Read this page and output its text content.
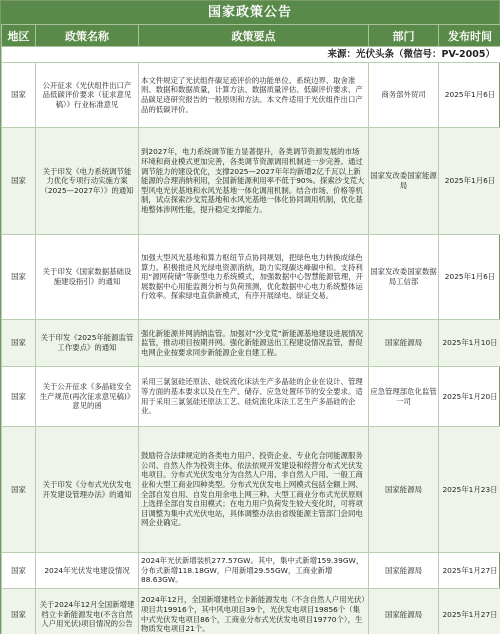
国家政策公告
地区	政策名称	政策要点	部门	发布时间
来源：光伏头条（微信号：PV-2005）				
国家	公开征求《光伏组件出口产品低碳评价要求（征求意见稿）》行业标准意见	本文件规定了光伏组件碳足迹评价的功能单位、系统边界、取舍准则、数据和数据质量，计算方法、数据质量评估、低碳评价要求、产品碳足迹研究报告的一般原则和方法。本文件适用于光伏组件出口产品的低碳评价。	商务部外贸司	2025年1月6日
国家	关于印发《电力系统调节能力优化专项行动实施方案（2025—2027年）》的通知	到2027年，电力系统调节能力显著提升，各类调节资源发展的市场环境和商业模式更加完善，各类调节资源调用机制进一步完善。通过调节能力的建设优化，支撑2025—2027年年均新增2亿千瓦以上新能源的合理消纳利用，全国新能源利用率不低于90%。探索沙戈荒大型风电光伏基地和水风光基地一体化调用机制。结合市场、价格等机制，试点探索沙戈荒基地和水风光基地一体化协同调用机制，优化基地整体涉网性能，提升稳定支撑能力。	国家发改委国家能源局	2025年1月6日
国家	关于印发《国家数据基础设施建设指引》的通知	加强大型风光基地和算力枢纽节点协同规划，把绿色电力转换成绿色算力。积极推进风光绿电资源消纳，助力实现碳达峰碳中和。支持利用“源网荷储”等新型电力系统模式，加强数据中心智慧能源管理，开展数据中心用能监测分析与负荷预测，优化数据中心电力系统整体运行效率。探索绿电直供新模式，有序开展绿电、绿证交易。	国家发改委国家数据局工信部	2025年1月6日
国家	关于印发《2025年能源监管工作要点》的通知	强化新能源并网消纳监管。加强对“沙戈荒”新能源基地建设进展情况监管，推动项目按期并网。强化新能源送出工程建设情况监管，督促电网企业按要求同步新能源企业自建工程。	国家能源局	2025年1月10日
国家	关于公开征求《多晶硅安全生产规范(再次征求意见稿)》意见的函	采用三氯氢硅还原法、硅烷流化床法生产多晶硅的企业在设计、管理等方面的基本要求以及在生产、储存、应急处置环节的安全要求。适用于采用三氯氢硅还原法工艺、硅烷流化床法工艺生产多晶硅的企业。	应急管理部危化监管一司	2025年1月20日
国家	关于印发《分布式光伏发电开发建设管理办法》的通知	鼓励符合法律规定的各类电力用户、投资企业、专业化合同能源服务公司、自然人作为投资主体，依法依规开发建设和经营分布式光伏发电项目。分布式光伏发电分为自然人户用、非自然人户用、一般工商业和大型工商业四种类型。分布式光伏发电上网模式包括全额上网、全部自发自用、自发自用余电上网三种。大型工商业分布式光伏原则上选择全部自发自用模式；在电力用户负荷发生较大变化时，可将项目调整为集中式光伏电站，具体调整办法由省级能源主管部门会同电网企业确定。	国家能源局	2025年1月23日
国家	2024年光伏发电建设情况	2024年光伏新增装机277.57GW。其中，集中式新增159.39GW，分布式新增118.18GW，户用新增29.55GW，工商业新增88.63GW。	国家能源局	2025年1月27日
国家	关于2024年12月全国新增建档立卡新能源发电(不含自然人户用光伏)项目情况的公告	2024年12月，全国新增建档立卡新能源发电（不含自然人户用光伏）项目共19916个，其中风电项目39个，光伏发电项目19856个（集中式光伏发电项目86个，工商业分布式光伏发电项目19770个），生物质发电项目21个。	国家能源局	2025年1月27日
